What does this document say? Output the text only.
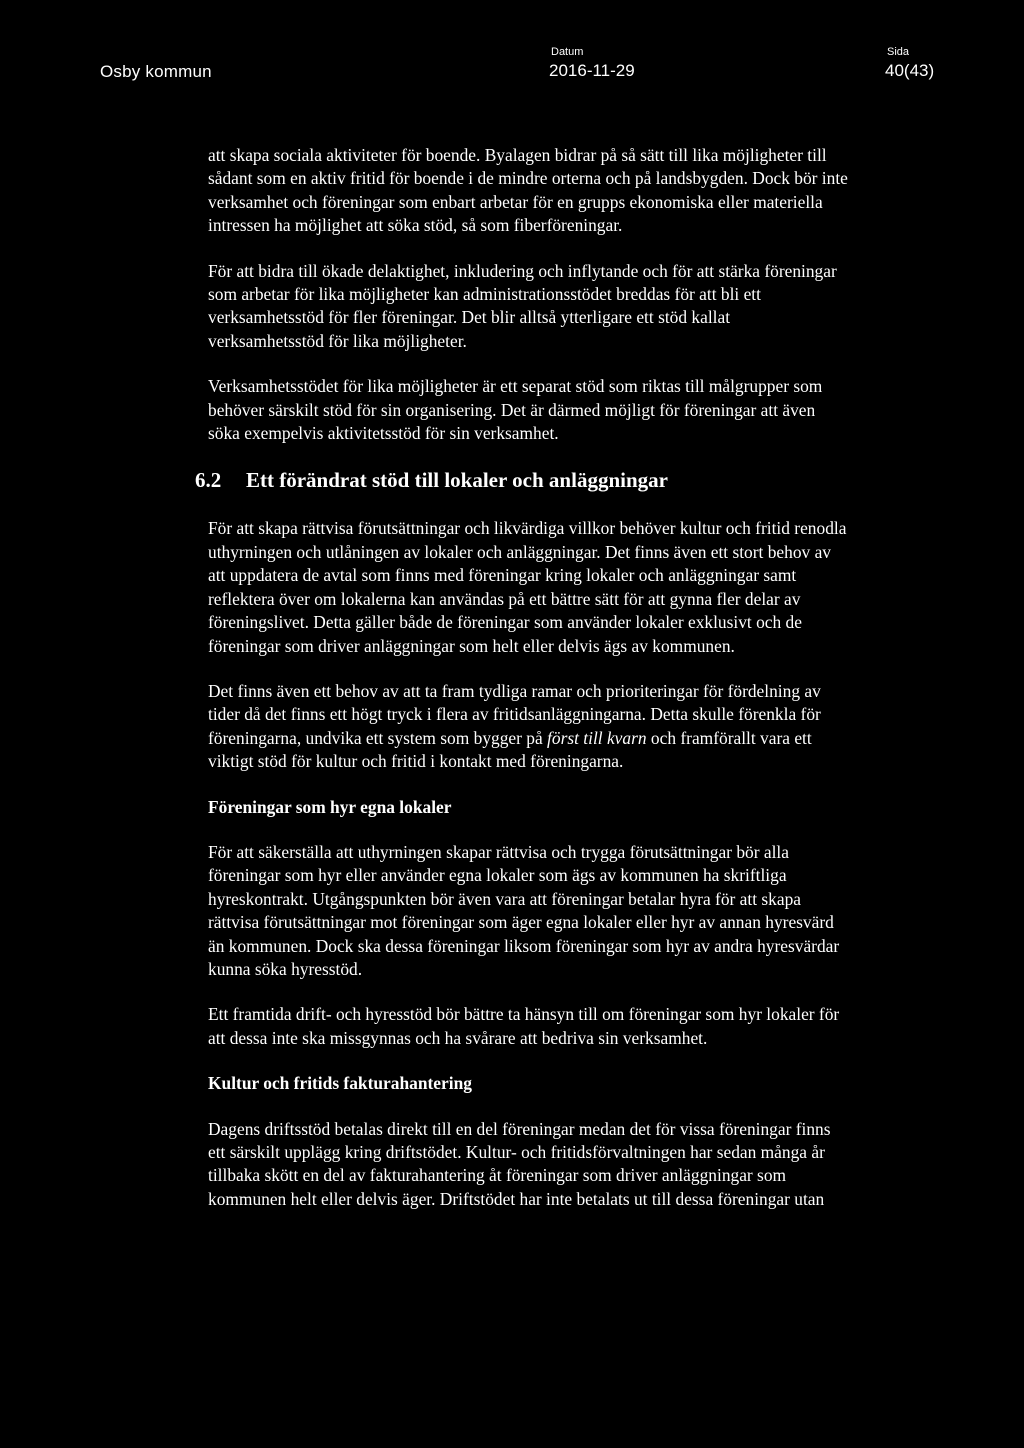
Osby kommun
Datum
2016-11-29
Sida
40(43)

att skapa sociala aktiviteter för boende. Byalagen bidrar på så sätt till lika möjligheter till sådant som en aktiv fritid för boende i de mindre orterna och på landsbygden. Dock bör inte verksamhet och föreningar som enbart arbetar för en grupps ekonomiska eller materiella intressen ha möjlighet att söka stöd, så som fiberföreningar.

För att bidra till ökade delaktighet, inkludering och inflytande och för att stärka föreningar som arbetar för lika möjligheter kan administrationsstödet breddas för att bli ett verksamhetsstöd för fler föreningar. Det blir alltså ytterligare ett stöd kallat verksamhetsstöd för lika möjligheter.

Verksamhetsstödet för lika möjligheter är ett separat stöd som riktas till målgrupper som behöver särskilt stöd för sin organisering. Det är därmed möjligt för föreningar att även söka exempelvis aktivitetsstöd för sin verksamhet.

6.2 Ett förändrat stöd till lokaler och anläggningar

För att skapa rättvisa förutsättningar och likvärdiga villkor behöver kultur och fritid renodla uthyrningen och utlåningen av lokaler och anläggningar. Det finns även ett stort behov av att uppdatera de avtal som finns med föreningar kring lokaler och anläggningar samt reflektera över om lokalerna kan användas på ett bättre sätt för att gynna fler delar av föreningslivet. Detta gäller både de föreningar som använder lokaler exklusivt och de föreningar som driver anläggningar som helt eller delvis ägs av kommunen.

Det finns även ett behov av att ta fram tydliga ramar och prioriteringar för fördelning av tider då det finns ett högt tryck i flera av fritidsanläggningarna. Detta skulle förenkla för föreningarna, undvika ett system som bygger på först till kvarn och framförallt vara ett viktigt stöd för kultur och fritid i kontakt med föreningarna.

Föreningar som hyr egna lokaler

För att säkerställa att uthyrningen skapar rättvisa och trygga förutsättningar bör alla föreningar som hyr eller använder egna lokaler som ägs av kommunen ha skriftliga hyreskontrakt. Utgångspunkten bör även vara att föreningar betalar hyra för att skapa rättvisa förutsättningar mot föreningar som äger egna lokaler eller hyr av annan hyresvärd än kommunen. Dock ska dessa föreningar liksom föreningar som hyr av andra hyresvärdar kunna söka hyresstöd.

Ett framtida drift- och hyresstöd bör bättre ta hänsyn till om föreningar som hyr lokaler för att dessa inte ska missgynnas och ha svårare att bedriva sin verksamhet.

Kultur och fritids fakturahantering

Dagens driftsstöd betalas direkt till en del föreningar medan det för vissa föreningar finns ett särskilt upplägg kring driftstödet. Kultur- och fritidsförvaltningen har sedan många år tillbaka skött en del av fakturahantering åt föreningar som driver anläggningar som kommunen helt eller delvis äger. Driftstödet har inte betalats ut till dessa föreningar utan
